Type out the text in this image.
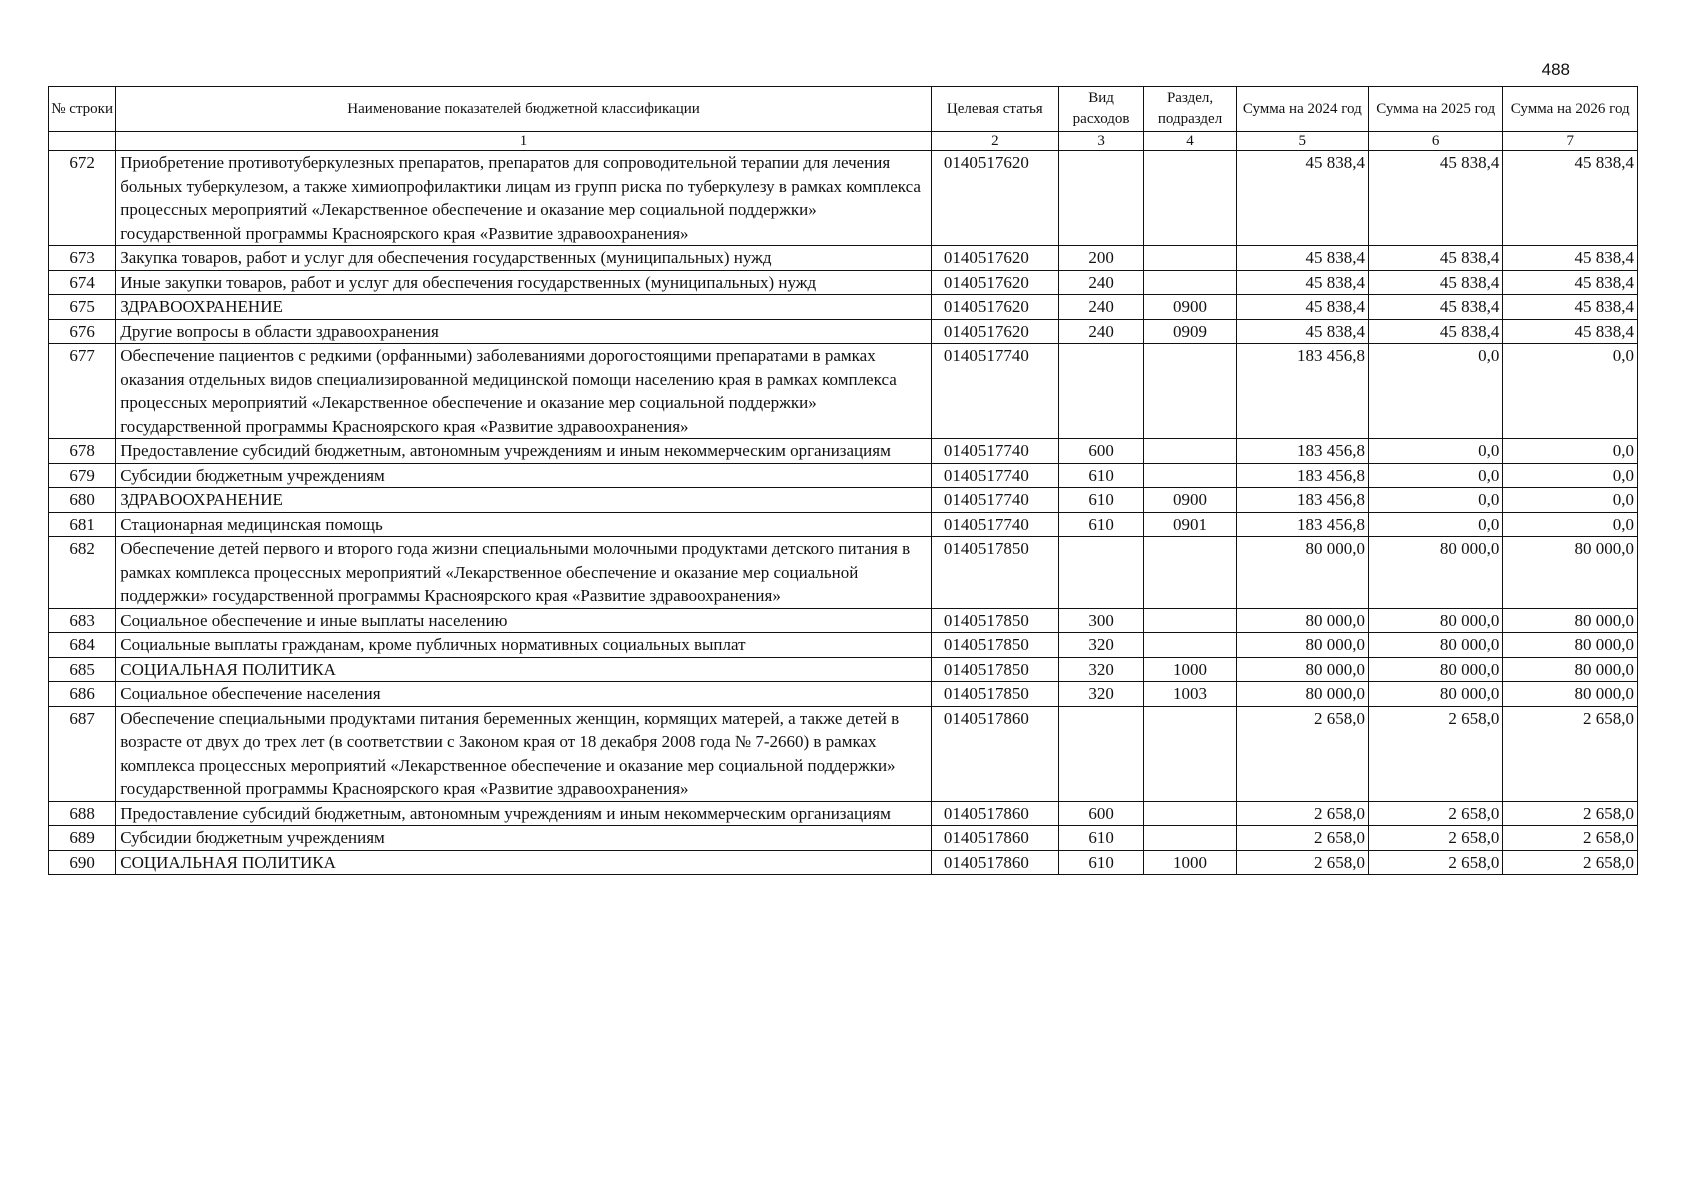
488
№ строки	Наименование показателей бюджетной классификации	Целевая статья	Вид расходов	Раздел, подраздел	Сумма на 2024 год	Сумма на 2025 год	Сумма на 2026 год

	1	2	3	4	5	6	7
672	Приобретение противотуберкулезных препаратов, препаратов для сопроводительной терапии для лечения больных туберкулезом, а также химиопрофилактики лицам из групп риска по туберкулезу в рамках комплекса процессных мероприятий «Лекарственное обеспечение и оказание мер социальной поддержки» государственной программы Красноярского края «Развитие здравоохранения»	0140517620			45 838,4	45 838,4	45 838,4
673	Закупка товаров, работ и услуг для обеспечения государственных (муниципальных) нужд	0140517620	200		45 838,4	45 838,4	45 838,4
674	Иные закупки товаров, работ и услуг для обеспечения государственных (муниципальных) нужд	0140517620	240		45 838,4	45 838,4	45 838,4
675	ЗДРАВООХРАНЕНИЕ	0140517620	240	0900	45 838,4	45 838,4	45 838,4
676	Другие вопросы в области здравоохранения	0140517620	240	0909	45 838,4	45 838,4	45 838,4
677	Обеспечение пациентов с редкими (орфанными) заболеваниями дорогостоящими препаратами в рамках оказания отдельных видов специализированной медицинской помощи населению края в рамках комплекса процессных мероприятий «Лекарственное обеспечение и оказание мер социальной поддержки» государственной программы Красноярского края «Развитие здравоохранения»	0140517740			183 456,8	0,0	0,0
678	Предоставление субсидий бюджетным, автономным учреждениям и иным некоммерческим организациям	0140517740	600		183 456,8	0,0	0,0
679	Субсидии бюджетным учреждениям	0140517740	610		183 456,8	0,0	0,0
680	ЗДРАВООХРАНЕНИЕ	0140517740	610	0900	183 456,8	0,0	0,0
681	Стационарная медицинская помощь	0140517740	610	0901	183 456,8	0,0	0,0
682	Обеспечение детей первого и второго года жизни специальными молочными продуктами детского питания в рамках комплекса процессных мероприятий «Лекарственное обеспечение и оказание мер социальной поддержки» государственной программы Красноярского края «Развитие здравоохранения»	0140517850			80 000,0	80 000,0	80 000,0
683	Социальное обеспечение и иные выплаты населению	0140517850	300		80 000,0	80 000,0	80 000,0
684	Социальные выплаты гражданам, кроме публичных нормативных социальных выплат	0140517850	320		80 000,0	80 000,0	80 000,0
685	СОЦИАЛЬНАЯ ПОЛИТИКА	0140517850	320	1000	80 000,0	80 000,0	80 000,0
686	Социальное обеспечение населения	0140517850	320	1003	80 000,0	80 000,0	80 000,0
687	Обеспечение специальными продуктами питания беременных женщин, кормящих матерей, а также детей в возрасте от двух до трех лет (в соответствии с Законом края от 18 декабря 2008 года № 7-2660) в рамках комплекса процессных мероприятий «Лекарственное обеспечение и оказание мер социальной поддержки» государственной программы Красноярского края «Развитие здравоохранения»	0140517860			2 658,0	2 658,0	2 658,0
688	Предоставление субсидий бюджетным, автономным учреждениям и иным некоммерческим организациям	0140517860	600		2 658,0	2 658,0	2 658,0
689	Субсидии бюджетным учреждениям	0140517860	610		2 658,0	2 658,0	2 658,0
690	СОЦИАЛЬНАЯ ПОЛИТИКА	0140517860	610	1000	2 658,0	2 658,0	2 658,0
